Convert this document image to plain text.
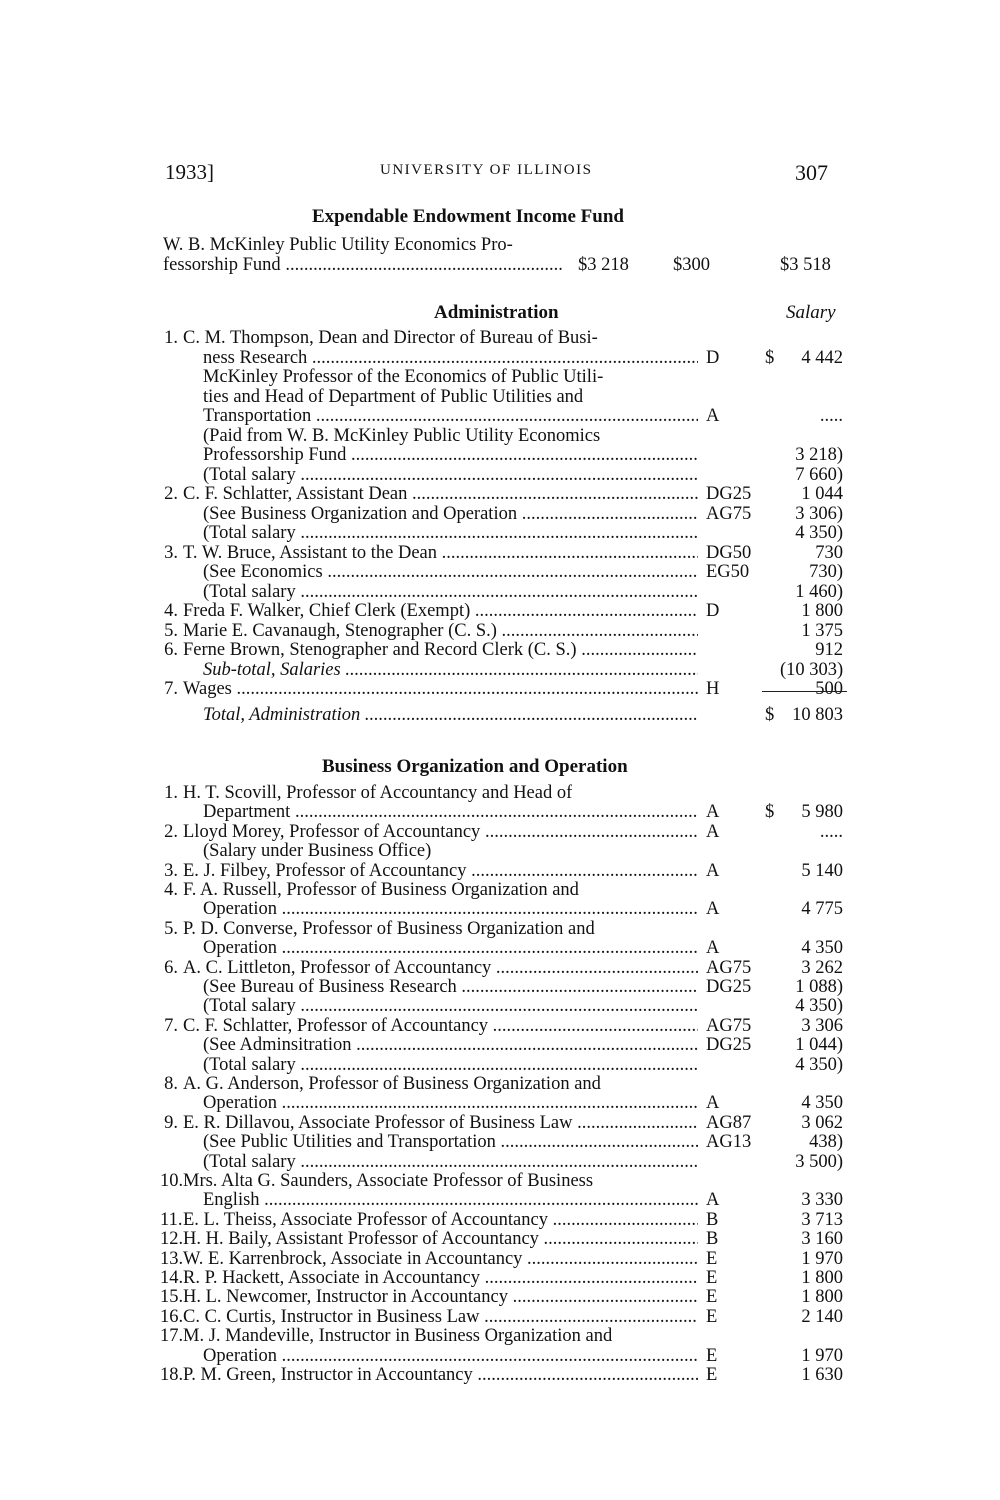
1933]	UNIVERSITY OF ILLINOIS	307
Expendable Endowment Income Fund
W. B. McKinley Public Utility Economics Pro-
fessorship Fund .....	$3 218 $300	$3 518
Administration	Salary
1. C. M. Thompson, Dean and Director of Bureau of Busi-
ness Research .....	D $	4 442
McKinley Professor of the Economics of Public Utili-
ties and Head of Department of Public Utilities and
Transportation .....	A	.....
(Paid from W. B. McKinley Public Utility Economics
Professorship Fund .....	3 218)
(Total salary .....	7 660)
2. C. F. Schlatter, Assistant Dean .....	DG25	1 044
(See Business Organization and Operation .....	AG75	3 306)
(Total salary .....	4 350)
3. T. W. Bruce, Assistant to the Dean .....	DG50	730
(See Economics .....	EG50	730)
(Total salary .....	1 460)
4. Freda F. Walker, Chief Clerk (Exempt) .....	D	1 800
5. Marie E. Cavanaugh, Stenographer (C. S.) .....	1 375
6. Ferne Brown, Stenographer and Record Clerk (C. S.) .....	912
Sub-total, Salaries .....	(10 303)
7. Wages .....	H	500
Total, Administration .....	$ 10 803
Business Organization and Operation
1. H. T. Scovill, Professor of Accountancy and Head of
Department .....	A $	5 980
2. Lloyd Morey, Professor of Accountancy .....	A	.....
(Salary under Business Office)
3. E. J. Filbey, Professor of Accountancy .....	A	5 140
4. F. A. Russell, Professor of Business Organization and
Operation .....	A	4 775
5. P. D. Converse, Professor of Business Organization and
Operation .....	A	4 350
6. A. C. Littleton, Professor of Accountancy .....	AG75	3 262
(See Bureau of Business Research .....	DG25	1 088)
(Total salary .....	4 350)
7. C. F. Schlatter, Professor of Accountancy .....	AG75	3 306
(See Adminsitration .....	DG25	1 044)
(Total salary .....	4 350)
8. A. G. Anderson, Professor of Business Organization and
Operation .....	A	4 350
9. E. R. Dillavou, Associate Professor of Business Law .....	AG87	3 062
(See Public Utilities and Transportation .....	AG13	438)
(Total salary .....	3 500)
10. Mrs. Alta G. Saunders, Associate Professor of Business
English .....	A	3 330
11. E. L. Theiss, Associate Professor of Accountancy .....	B	3 713
12. H. H. Baily, Assistant Professor of Accountancy .....	B	3 160
13. W. E. Karrenbrock, Associate in Accountancy .....	E	1 970
14. R. P. Hackett, Associate in Accountancy .....	E	1 800
15. H. L. Newcomer, Instructor in Accountancy .....	E	1 800
16. C. C. Curtis, Instructor in Business Law .....	E	2 140
17. M. J. Mandeville, Instructor in Business Organization and
Operation .....	E	1 970
18. P. M. Green, Instructor in Accountancy .....	E	1 630
